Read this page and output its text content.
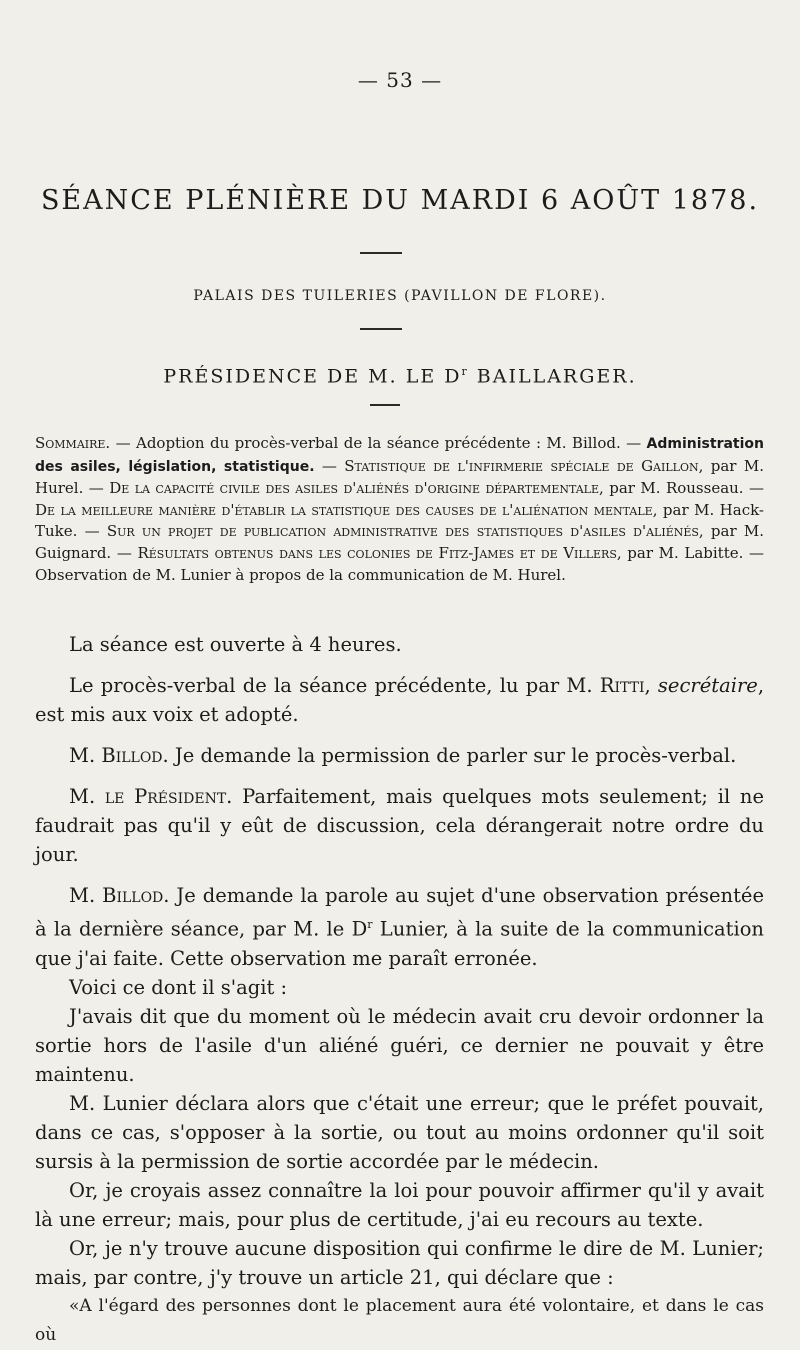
— 53 —
SÉANCE PLÉNIÈRE DU MARDI 6 AOÛT 1878.
PALAIS DES TUILERIES (PAVILLON DE FLORE).
PRÉSIDENCE DE M. LE $D^r$ BAILLARGER.
Sommaire. — Adoption du procès-verbal de la séance précédente : M. Billod. — Administration des asiles, législation, statistique. — Statistique de l'infirmerie spéciale de Gaillon, par M. Hurel. — De la capacité civile des asiles d'aliénés d'origine départementale, par M. Rousseau. — De la meilleure manière d'établir la statistique des causes de l'aliénation mentale, par M. Hack-Tuke. — Sur un projet de publication administrative des statistiques d'asiles d'aliénés, par M. Guignard. — Résultats obtenus dans les colonies de Fitz-James et de Villers, par M. Labitte. — Observation de M. Lunier à propos de la communication de M. Hurel.

La séance est ouverte à 4 heures.

Le procès-verbal de la séance précédente, lu par M. Ritti, secrétaire, est mis aux voix et adopté.

M. Billod. Je demande la permission de parler sur le procès-verbal.

M. le Président. Parfaitement, mais quelques mots seulement; il ne faudrait pas qu'il y eût de discussion, cela dérangerait notre ordre du jour.

M. Billod. Je demande la parole au sujet d'une observation présentée à la dernière séance, par M. le $D^r$ Lunier, à la suite de la communication que j'ai faite. Cette observation me paraît erronée.

Voici ce dont il s'agit :

J'avais dit que du moment où le médecin avait cru devoir ordonner la sortie hors de l'asile d'un aliéné guéri, ce dernier ne pouvait y être maintenu.

M. Lunier déclara alors que c'était une erreur; que le préfet pouvait, dans ce cas, s'opposer à la sortie, ou tout au moins ordonner qu'il soit sursis à la permission de sortie accordée par le médecin.

Or, je croyais assez connaître la loi pour pouvoir affirmer qu'il y avait là une erreur; mais, pour plus de certitude, j'ai eu recours au texte.

Or, je n'y trouve aucune disposition qui confirme le dire de M. Lunier; mais, par contre, j'y trouve un article 21, qui déclare que :

«A l'égard des personnes dont le placement aura été volontaire, et dans le cas où
